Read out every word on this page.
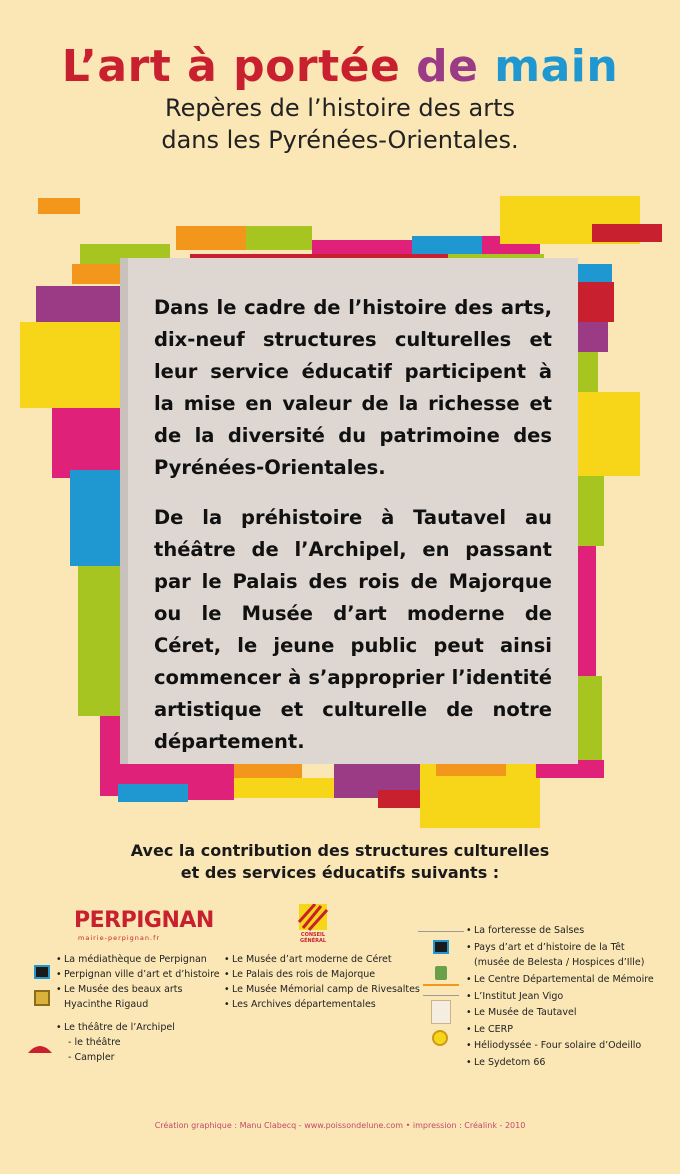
L’art à portée de main
Repères de l’histoire des arts
dans les Pyrénées-Orientales.

Dans le cadre de l’histoire des arts, dix-neuf structures culturelles et leur service éducatif participent à la mise en valeur de la richesse et de la diversité du patrimoine des Pyrénées-Orientales.

De la préhistoire à Tautavel au théâtre de l’Archipel, en passant par le Palais des rois de Majorque ou le Musée d’art moderne de Céret, le jeune public peut ainsi commencer à s’approprier l’identité artistique et culturelle de notre département.

Avec la contribution des structures culturelles
et des services éducatifs suivants :
PERPIGNAN
mairie-perpignan.fr	CONSEIL GÉNÉRAL
• La médiathèque de Perpignan
• Perpignan ville d’art et d’histoire
• Le Musée des beaux arts
Hyacinthe Rigaud
• Le théâtre de l’Archipel
- le théâtre
- Campler
• Le Musée d’art moderne de Céret
• Le Palais des rois de Majorque
• Le Musée Mémorial camp de Rivesaltes
• Les Archives départementales
• La forteresse de Salses
• Pays d’art et d’histoire de la Têt
(musée de Belesta / Hospices d’Ille)
• Le Centre Départemental de Mémoire
• L’Institut Jean Vigo
• Le Musée de Tautavel
• Le CERP
• Héliodyssée - Four solaire d’Odeillo
• Le Sydetom 66
Création graphique : Manu Clabecq - www.poissondelune.com • impression : Créalink - 2010
